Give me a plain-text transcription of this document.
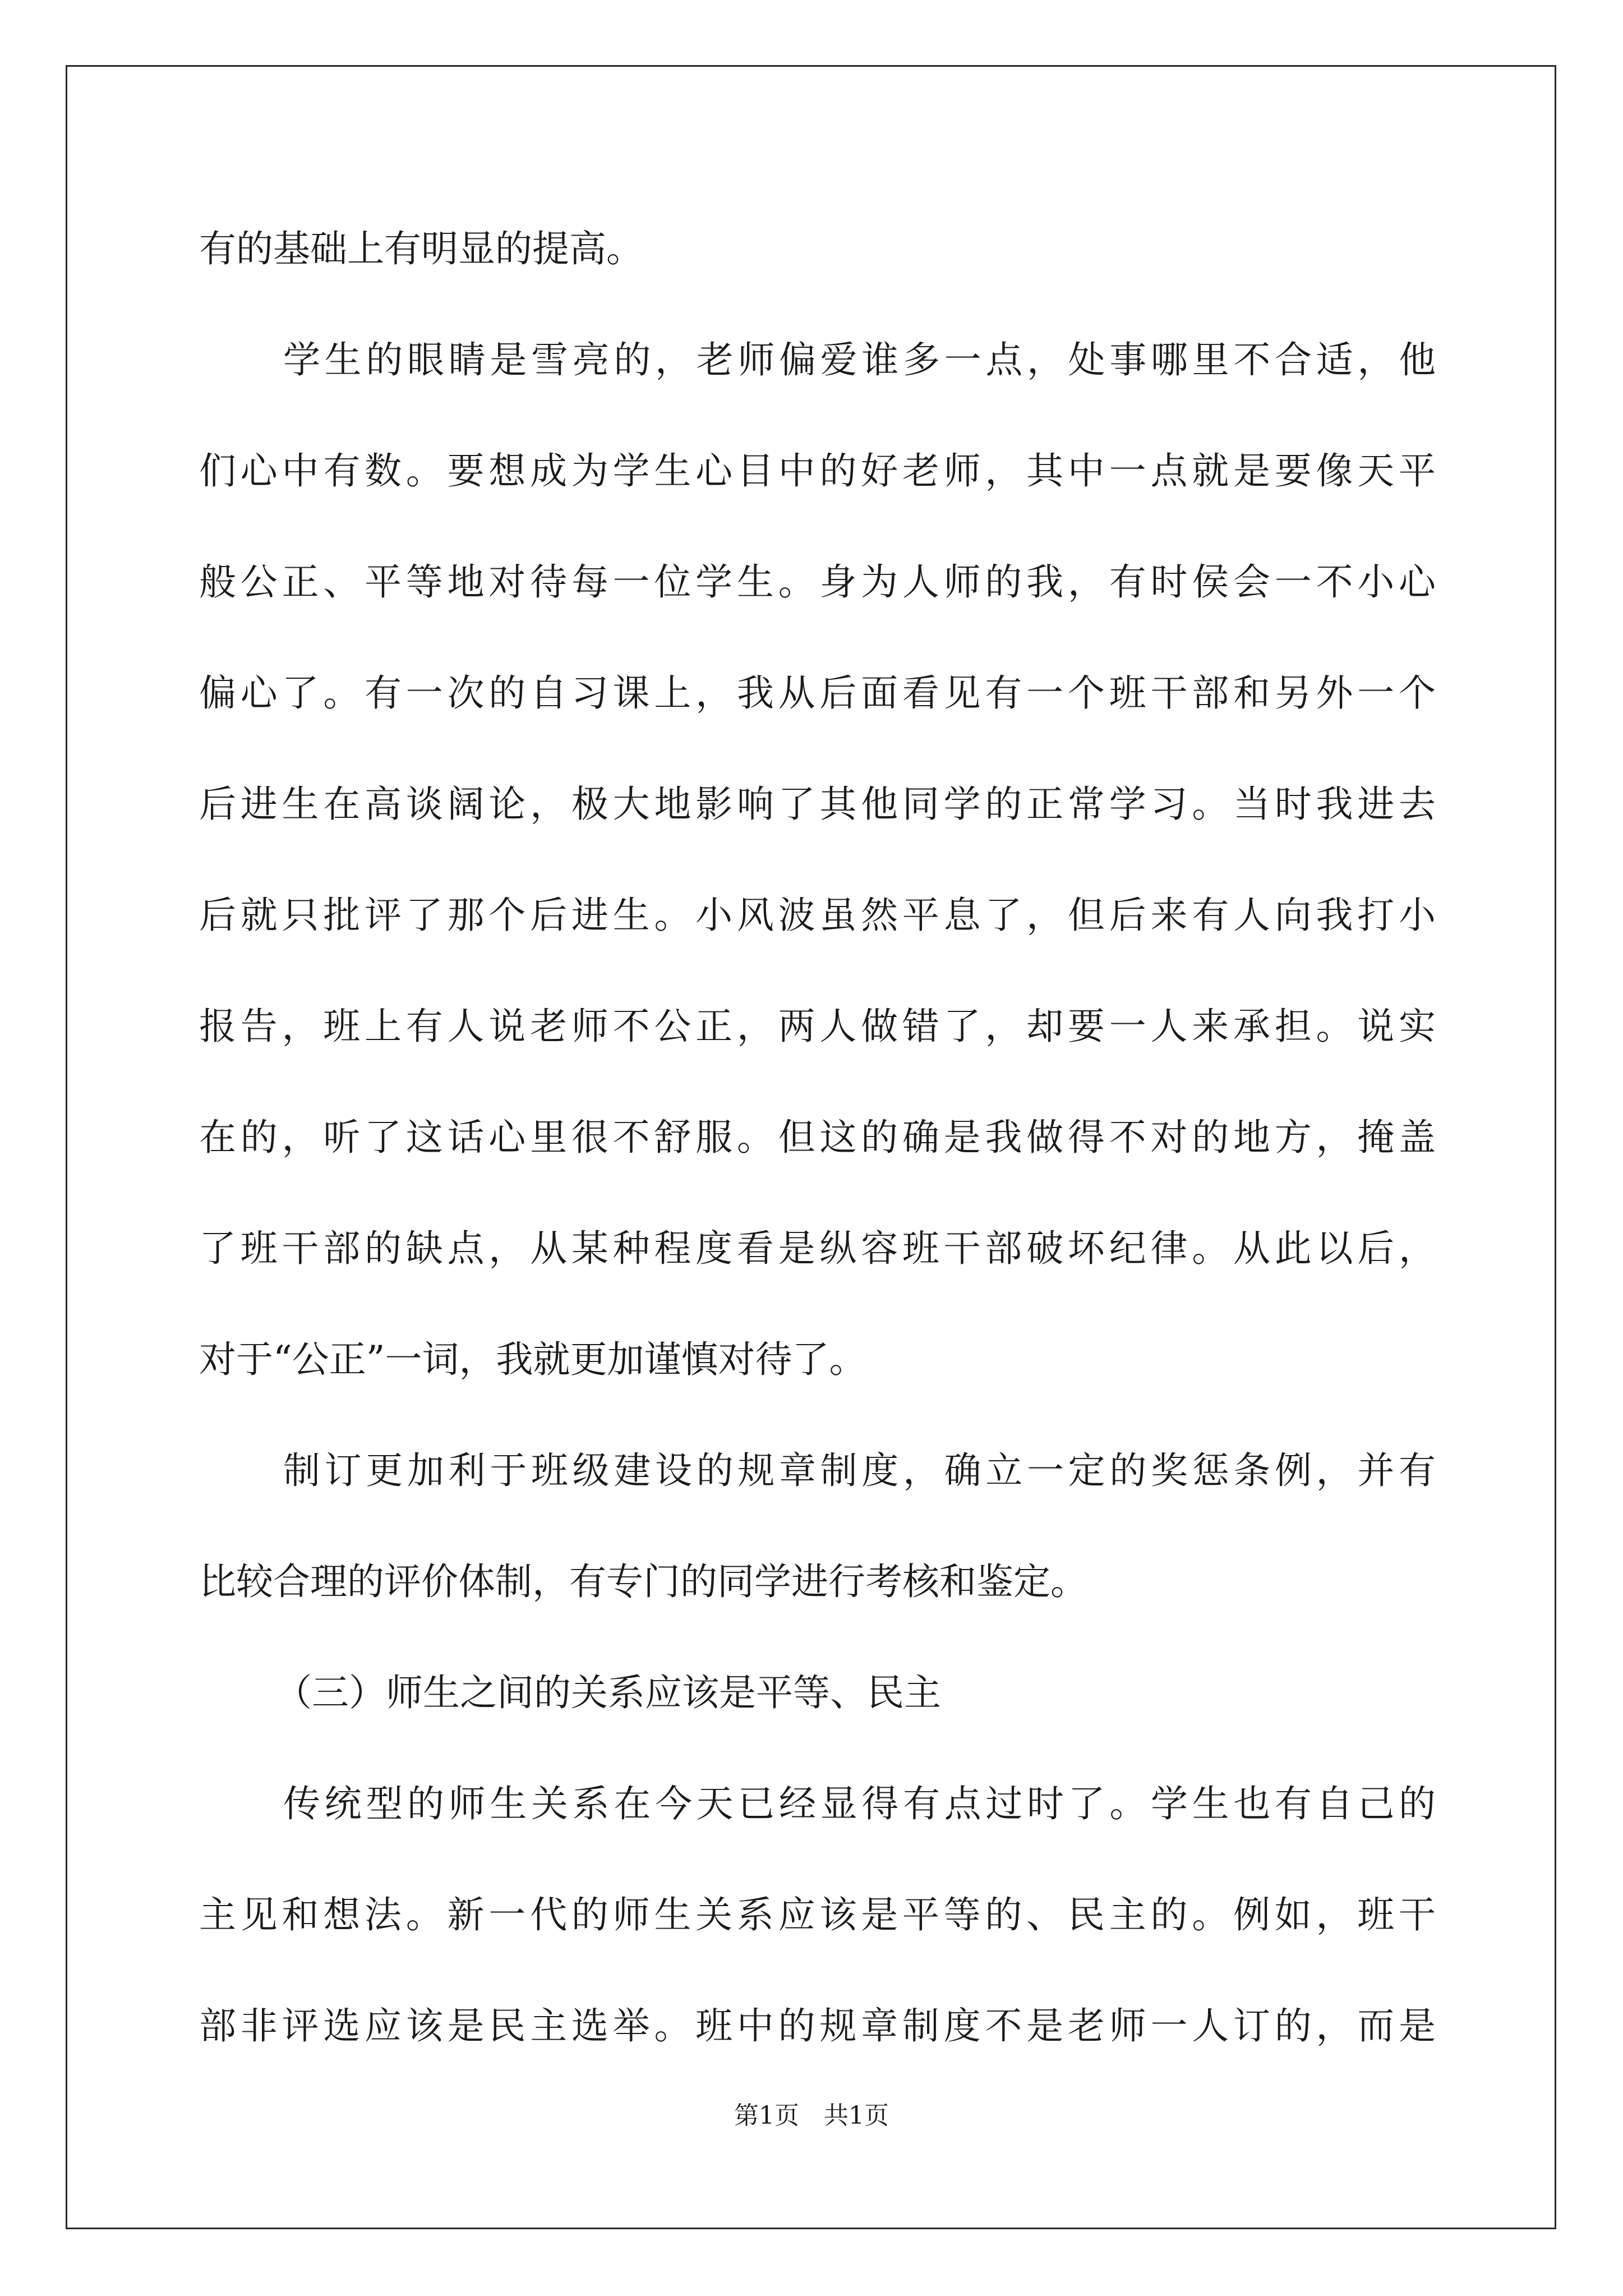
有的基础上有明显的提高。
学生的眼睛是雪亮的，老师偏爱谁多一点，处事哪里不合适，他
们心中有数。要想成为学生心目中的好老师，其中一点就是要像天平
般公正、平等地对待每一位学生。身为人师的我，有时侯会一不小心
偏心了。有一次的自习课上，我从后面看见有一个班干部和另外一个
后进生在高谈阔论，极大地影响了其他同学的正常学习。当时我进去
后就只批评了那个后进生。小风波虽然平息了，但后来有人向我打小
报告，班上有人说老师不公正，两人做错了，却要一人来承担。说实
在的，听了这话心里很不舒服。但这的确是我做得不对的地方，掩盖
了班干部的缺点，从某种程度看是纵容班干部破坏纪律。从此以后，
对于“公正”一词，我就更加谨慎对待了。
制订更加利于班级建设的规章制度，确立一定的奖惩条例，并有
比较合理的评价体制，有专门的同学进行考核和鉴定。
（三）师生之间的关系应该是平等、民主
传统型的师生关系在今天已经显得有点过时了。学生也有自己的
主见和想法。新一代的师生关系应该是平等的、民主的。例如，班干
部非评选应该是民主选举。班中的规章制度不是老师一人订的，而是
第1页　共1页
